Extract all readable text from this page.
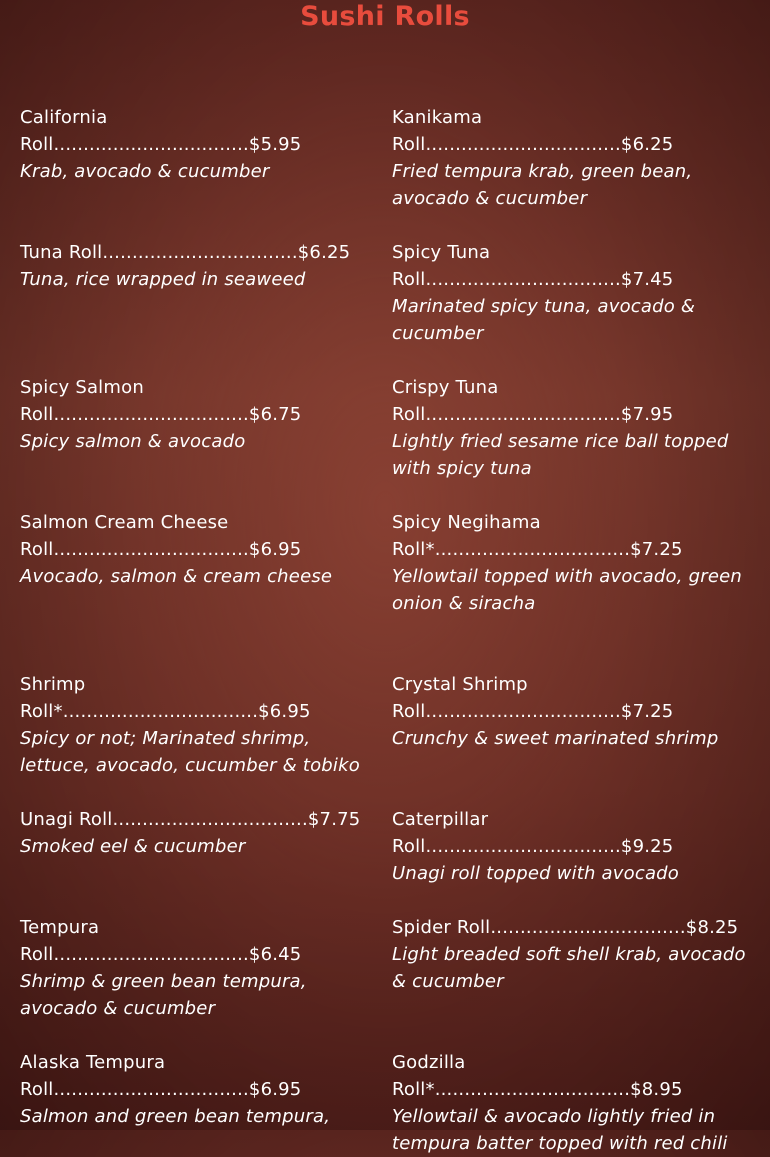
Sushi Rolls
California Roll.................................$5.95
Krab, avocado & cucumber
Tuna Roll.................................$6.25
Tuna, rice wrapped in seaweed
Spicy Salmon Roll.................................$6.75
Spicy salmon & avocado
Salmon Cream Cheese Roll.................................$6.95
Avocado, salmon & cream cheese
Shrimp Roll*.................................$6.95
Spicy or not; Marinated shrimp, lettuce, avocado, cucumber & tobiko
Unagi Roll.................................$7.75
Smoked eel & cucumber
Tempura Roll.................................$6.45
Shrimp & green bean tempura, avocado & cucumber
Alaska Tempura Roll.................................$6.95
Salmon and green bean tempura,
Kanikama Roll.................................$6.25
Fried tempura krab, green bean, avocado & cucumber
Spicy Tuna Roll.................................$7.45
Marinated spicy tuna, avocado & cucumber
Crispy Tuna Roll.................................$7.95
Lightly fried sesame rice ball topped with spicy tuna
Spicy Negihama Roll*.................................$7.25
Yellowtail topped with avocado, green onion & siracha
Crystal Shrimp Roll.................................$7.25
Crunchy & sweet marinated shrimp
Caterpillar Roll.................................$9.25
Unagi roll topped with avocado
Spider Roll.................................$8.25
Light breaded soft shell krab, avocado & cucumber
Godzilla Roll*.................................$8.95
Yellowtail & avocado lightly fried in tempura batter topped with red chili
